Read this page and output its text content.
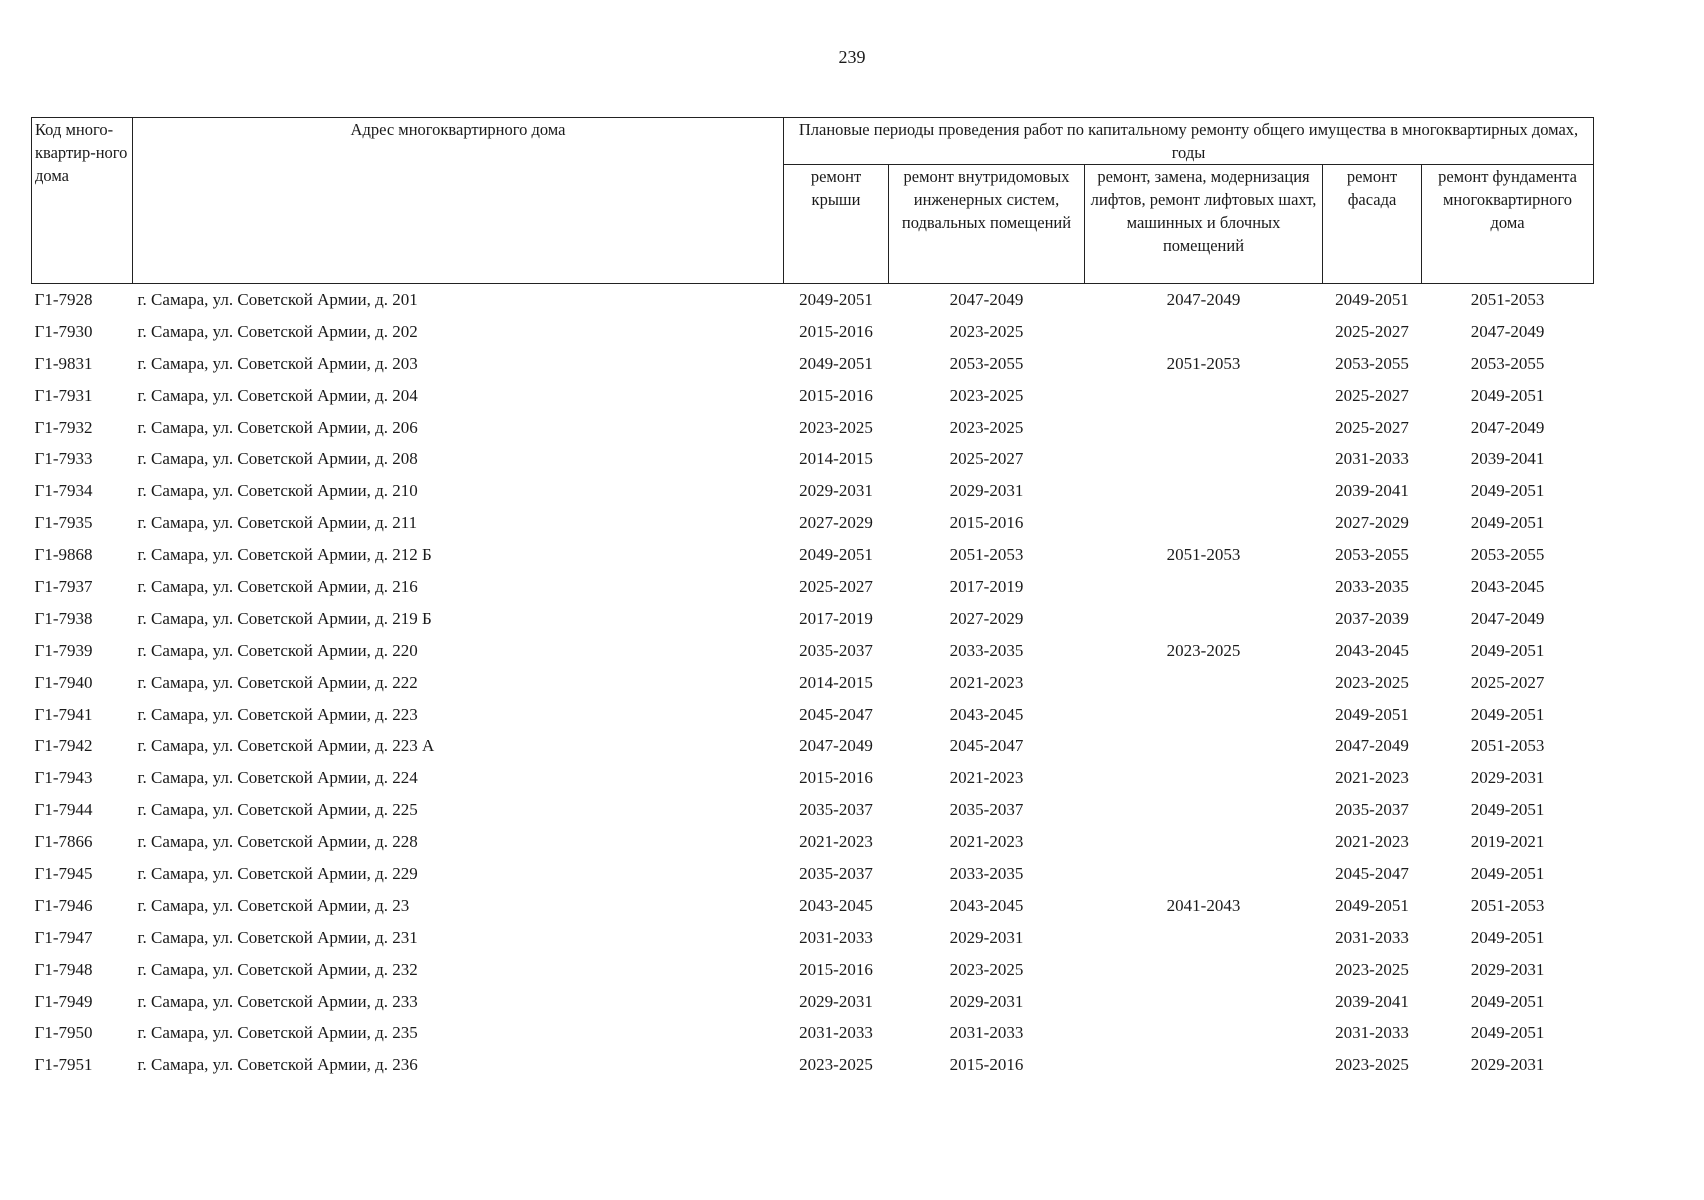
239
Код много-квартир-ного дома	Адрес многоквартирного дома	Плановые периоды проведения работ по капитальному ремонту общего имущества в многоквартирных домах, годы				
		ремонт крыши	ремонт внутридомовых инженерных систем, подвальных помещений	ремонт, замена, модернизация лифтов, ремонт лифтовых шахт, машинных и блочных помещений	ремонт фасада	ремонт фундамента многоквартирного дома
Г1-7928	г. Самара, ул. Советской Армии, д. 201	2049-2051	2047-2049	2047-2049	2049-2051	2051-2053
Г1-7930	г. Самара, ул. Советской Армии, д. 202	2015-2016	2023-2025		2025-2027	2047-2049
Г1-9831	г. Самара, ул. Советской Армии, д. 203	2049-2051	2053-2055	2051-2053	2053-2055	2053-2055
Г1-7931	г. Самара, ул. Советской Армии, д. 204	2015-2016	2023-2025		2025-2027	2049-2051
Г1-7932	г. Самара, ул. Советской Армии, д. 206	2023-2025	2023-2025		2025-2027	2047-2049
Г1-7933	г. Самара, ул. Советской Армии, д. 208	2014-2015	2025-2027		2031-2033	2039-2041
Г1-7934	г. Самара, ул. Советской Армии, д. 210	2029-2031	2029-2031		2039-2041	2049-2051
Г1-7935	г. Самара, ул. Советской Армии, д. 211	2027-2029	2015-2016		2027-2029	2049-2051
Г1-9868	г. Самара, ул. Советской Армии, д. 212 Б	2049-2051	2051-2053	2051-2053	2053-2055	2053-2055
Г1-7937	г. Самара, ул. Советской Армии, д. 216	2025-2027	2017-2019		2033-2035	2043-2045
Г1-7938	г. Самара, ул. Советской Армии, д. 219 Б	2017-2019	2027-2029		2037-2039	2047-2049
Г1-7939	г. Самара, ул. Советской Армии, д. 220	2035-2037	2033-2035	2023-2025	2043-2045	2049-2051
Г1-7940	г. Самара, ул. Советской Армии, д. 222	2014-2015	2021-2023		2023-2025	2025-2027
Г1-7941	г. Самара, ул. Советской Армии, д. 223	2045-2047	2043-2045		2049-2051	2049-2051
Г1-7942	г. Самара, ул. Советской Армии, д. 223 А	2047-2049	2045-2047		2047-2049	2051-2053
Г1-7943	г. Самара, ул. Советской Армии, д. 224	2015-2016	2021-2023		2021-2023	2029-2031
Г1-7944	г. Самара, ул. Советской Армии, д. 225	2035-2037	2035-2037		2035-2037	2049-2051
Г1-7866	г. Самара, ул. Советской Армии, д. 228	2021-2023	2021-2023		2021-2023	2019-2021
Г1-7945	г. Самара, ул. Советской Армии, д. 229	2035-2037	2033-2035		2045-2047	2049-2051
Г1-7946	г. Самара, ул. Советской Армии, д. 23	2043-2045	2043-2045	2041-2043	2049-2051	2051-2053
Г1-7947	г. Самара, ул. Советской Армии, д. 231	2031-2033	2029-2031		2031-2033	2049-2051
Г1-7948	г. Самара, ул. Советской Армии, д. 232	2015-2016	2023-2025		2023-2025	2029-2031
Г1-7949	г. Самара, ул. Советской Армии, д. 233	2029-2031	2029-2031		2039-2041	2049-2051
Г1-7950	г. Самара, ул. Советской Армии, д. 235	2031-2033	2031-2033		2031-2033	2049-2051
Г1-7951	г. Самара, ул. Советской Армии, д. 236	2023-2025	2015-2016		2023-2025	2029-2031
